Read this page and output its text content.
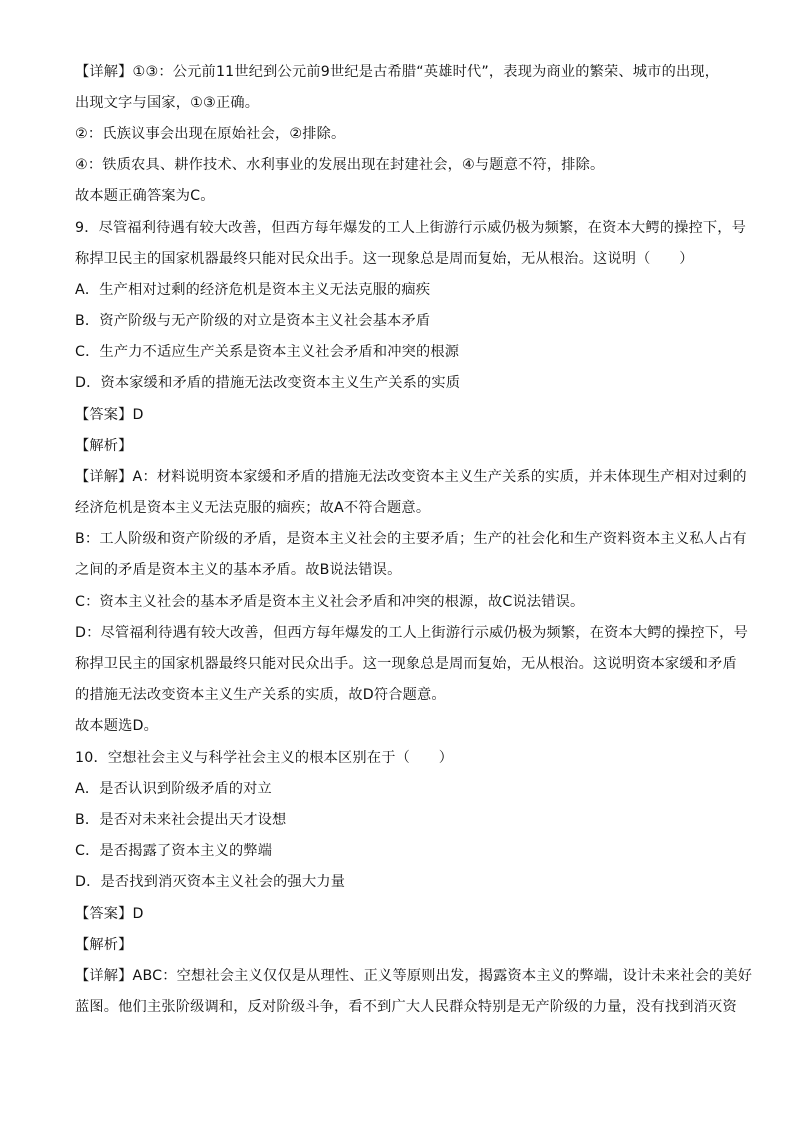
【详解】①③：公元前11世纪到公元前9世纪是古希腊“英雄时代”，表现为商业的繁荣、城市的出现，
出现文字与国家，①③正确。
②：氏族议事会出现在原始社会，②排除。
④：铁质农具、耕作技术、水利事业的发展出现在封建社会，④与题意不符，排除。
故本题正确答案为C。
9．尽管福利待遇有较大改善，但西方每年爆发的工人上街游行示威仍极为频繁，在资本大鳄的操控下，号
称捍卫民主的国家机器最终只能对民众出手。这一现象总是周而复始，无从根治。这说明（　　）
A．生产相对过剩的经济危机是资本主义无法克服的痼疾
B．资产阶级与无产阶级的对立是资本主义社会基本矛盾
C．生产力不适应生产关系是资本主义社会矛盾和冲突的根源
D．资本家缓和矛盾的措施无法改变资本主义生产关系的实质
【答案】D
【解析】
【详解】A：材料说明资本家缓和矛盾的措施无法改变资本主义生产关系的实质，并未体现生产相对过剩的
经济危机是资本主义无法克服的痼疾；故A不符合题意。
B：工人阶级和资产阶级的矛盾，是资本主义社会的主要矛盾；生产的社会化和生产资料资本主义私人占有
之间的矛盾是资本主义的基本矛盾。故B说法错误。
C：资本主义社会的基本矛盾是资本主义社会矛盾和冲突的根源，故C说法错误。
D：尽管福利待遇有较大改善，但西方每年爆发的工人上街游行示威仍极为频繁，在资本大鳄的操控下，号
称捍卫民主的国家机器最终只能对民众出手。这一现象总是周而复始，无从根治。这说明资本家缓和矛盾
的措施无法改变资本主义生产关系的实质，故D符合题意。
故本题选D。
10．空想社会主义与科学社会主义的根本区别在于（　　）
A．是否认识到阶级矛盾的对立
B．是否对未来社会提出天才设想
C．是否揭露了资本主义的弊端
D．是否找到消灭资本主义社会的强大力量
【答案】D
【解析】
【详解】ABC：空想社会主义仅仅是从理性、正义等原则出发，揭露资本主义的弊端，设计未来社会的美好
蓝图。他们主张阶级调和，反对阶级斗争，看不到广大人民群众特别是无产阶级的力量，没有找到消灭资
